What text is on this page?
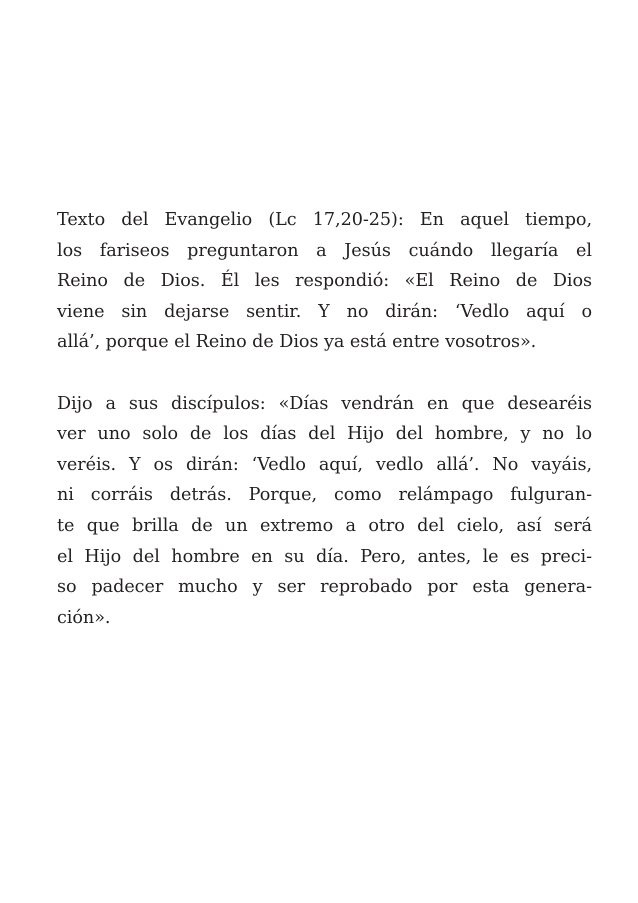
Texto del Evangelio (Lc 17,20-25): En aquel tiempo,
los fariseos preguntaron a Jesús cuándo llegaría el
Reino de Dios. Él les respondió: «El Reino de Dios
viene sin dejarse sentir. Y no dirán: ‘Vedlo aquí o
allá’, porque el Reino de Dios ya está entre vosotros».
Dijo a sus discípulos: «Días vendrán en que desearéis
ver uno solo de los días del Hijo del hombre, y no lo
veréis. Y os dirán: ‘Vedlo aquí, vedlo allá’. No vayáis,
ni corráis detrás. Porque, como relámpago fulguran-
te que brilla de un extremo a otro del cielo, así será
el Hijo del hombre en su día. Pero, antes, le es preci-
so padecer mucho y ser reprobado por esta genera-
ción».
